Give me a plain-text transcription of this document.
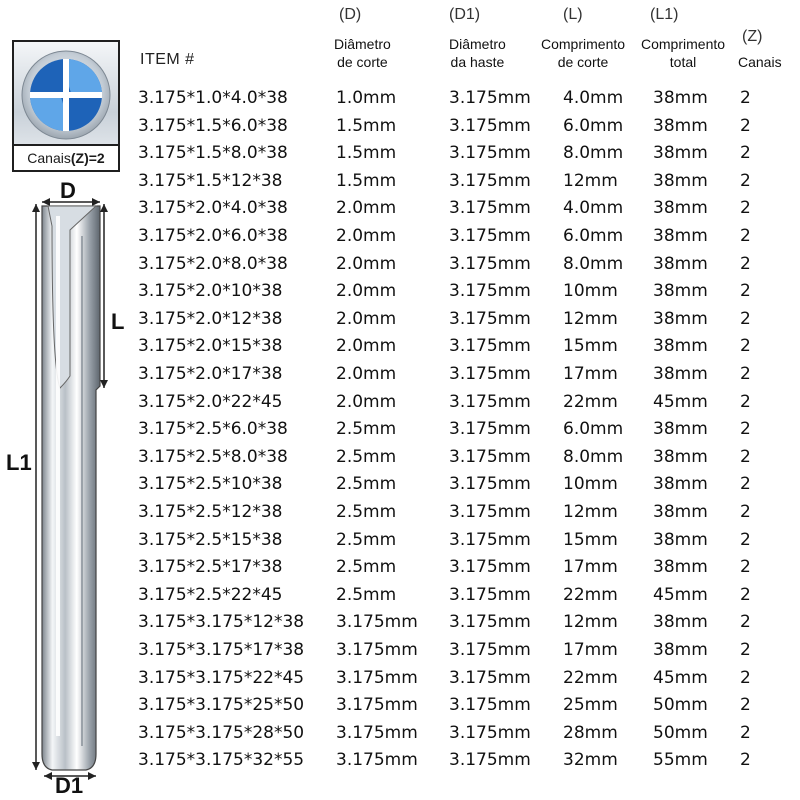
Canais (Z) =2
D
L
L1
D1
ITEM #
(D)
Diâmetro
de corte
(D1)
Diâmetro
da haste
(L)
Comprimento
de corte
(L1)
Comprimento
total
(Z)
Canais
3.175*1.0*4.0*38	1.0mm	3.175mm 4.0mm 38mm 2
3.175*1.5*6.0*38	1.5mm	3.175mm 6.0mm 38mm 2
3.175*1.5*8.0*38	1.5mm	3.175mm 8.0mm 38mm 2
3.175*1.5*12*38	1.5mm	3.175mm 12mm 38mm 2
3.175*2.0*4.0*38	2.0mm	3.175mm 4.0mm 38mm 2
3.175*2.0*6.0*38	2.0mm	3.175mm 6.0mm 38mm 2
3.175*2.0*8.0*38	2.0mm	3.175mm 8.0mm 38mm 2
3.175*2.0*10*38	2.0mm	3.175mm 10mm 38mm 2
3.175*2.0*12*38	2.0mm	3.175mm 12mm 38mm 2
3.175*2.0*15*38	2.0mm	3.175mm 15mm 38mm 2
3.175*2.0*17*38	2.0mm	3.175mm 17mm 38mm 2
3.175*2.0*22*45	2.0mm	3.175mm 22mm 45mm 2
3.175*2.5*6.0*38	2.5mm	3.175mm 6.0mm 38mm 2
3.175*2.5*8.0*38	2.5mm	3.175mm 8.0mm 38mm 2
3.175*2.5*10*38	2.5mm	3.175mm 10mm 38mm 2
3.175*2.5*12*38	2.5mm	3.175mm 12mm 38mm 2
3.175*2.5*15*38	2.5mm	3.175mm 15mm 38mm 2
3.175*2.5*17*38	2.5mm	3.175mm 17mm 38mm 2
3.175*2.5*22*45	2.5mm	3.175mm 22mm 45mm 2
3.175*3.175*12*38 3.175mm 3.175mm 12mm 38mm 2
3.175*3.175*17*38 3.175mm 3.175mm 17mm 38mm 2
3.175*3.175*22*45 3.175mm 3.175mm 22mm 45mm 2
3.175*3.175*25*50 3.175mm 3.175mm 25mm 50mm 2
3.175*3.175*28*50 3.175mm 3.175mm 28mm 50mm 2
3.175*3.175*32*55 3.175mm 3.175mm 32mm 55mm 2
